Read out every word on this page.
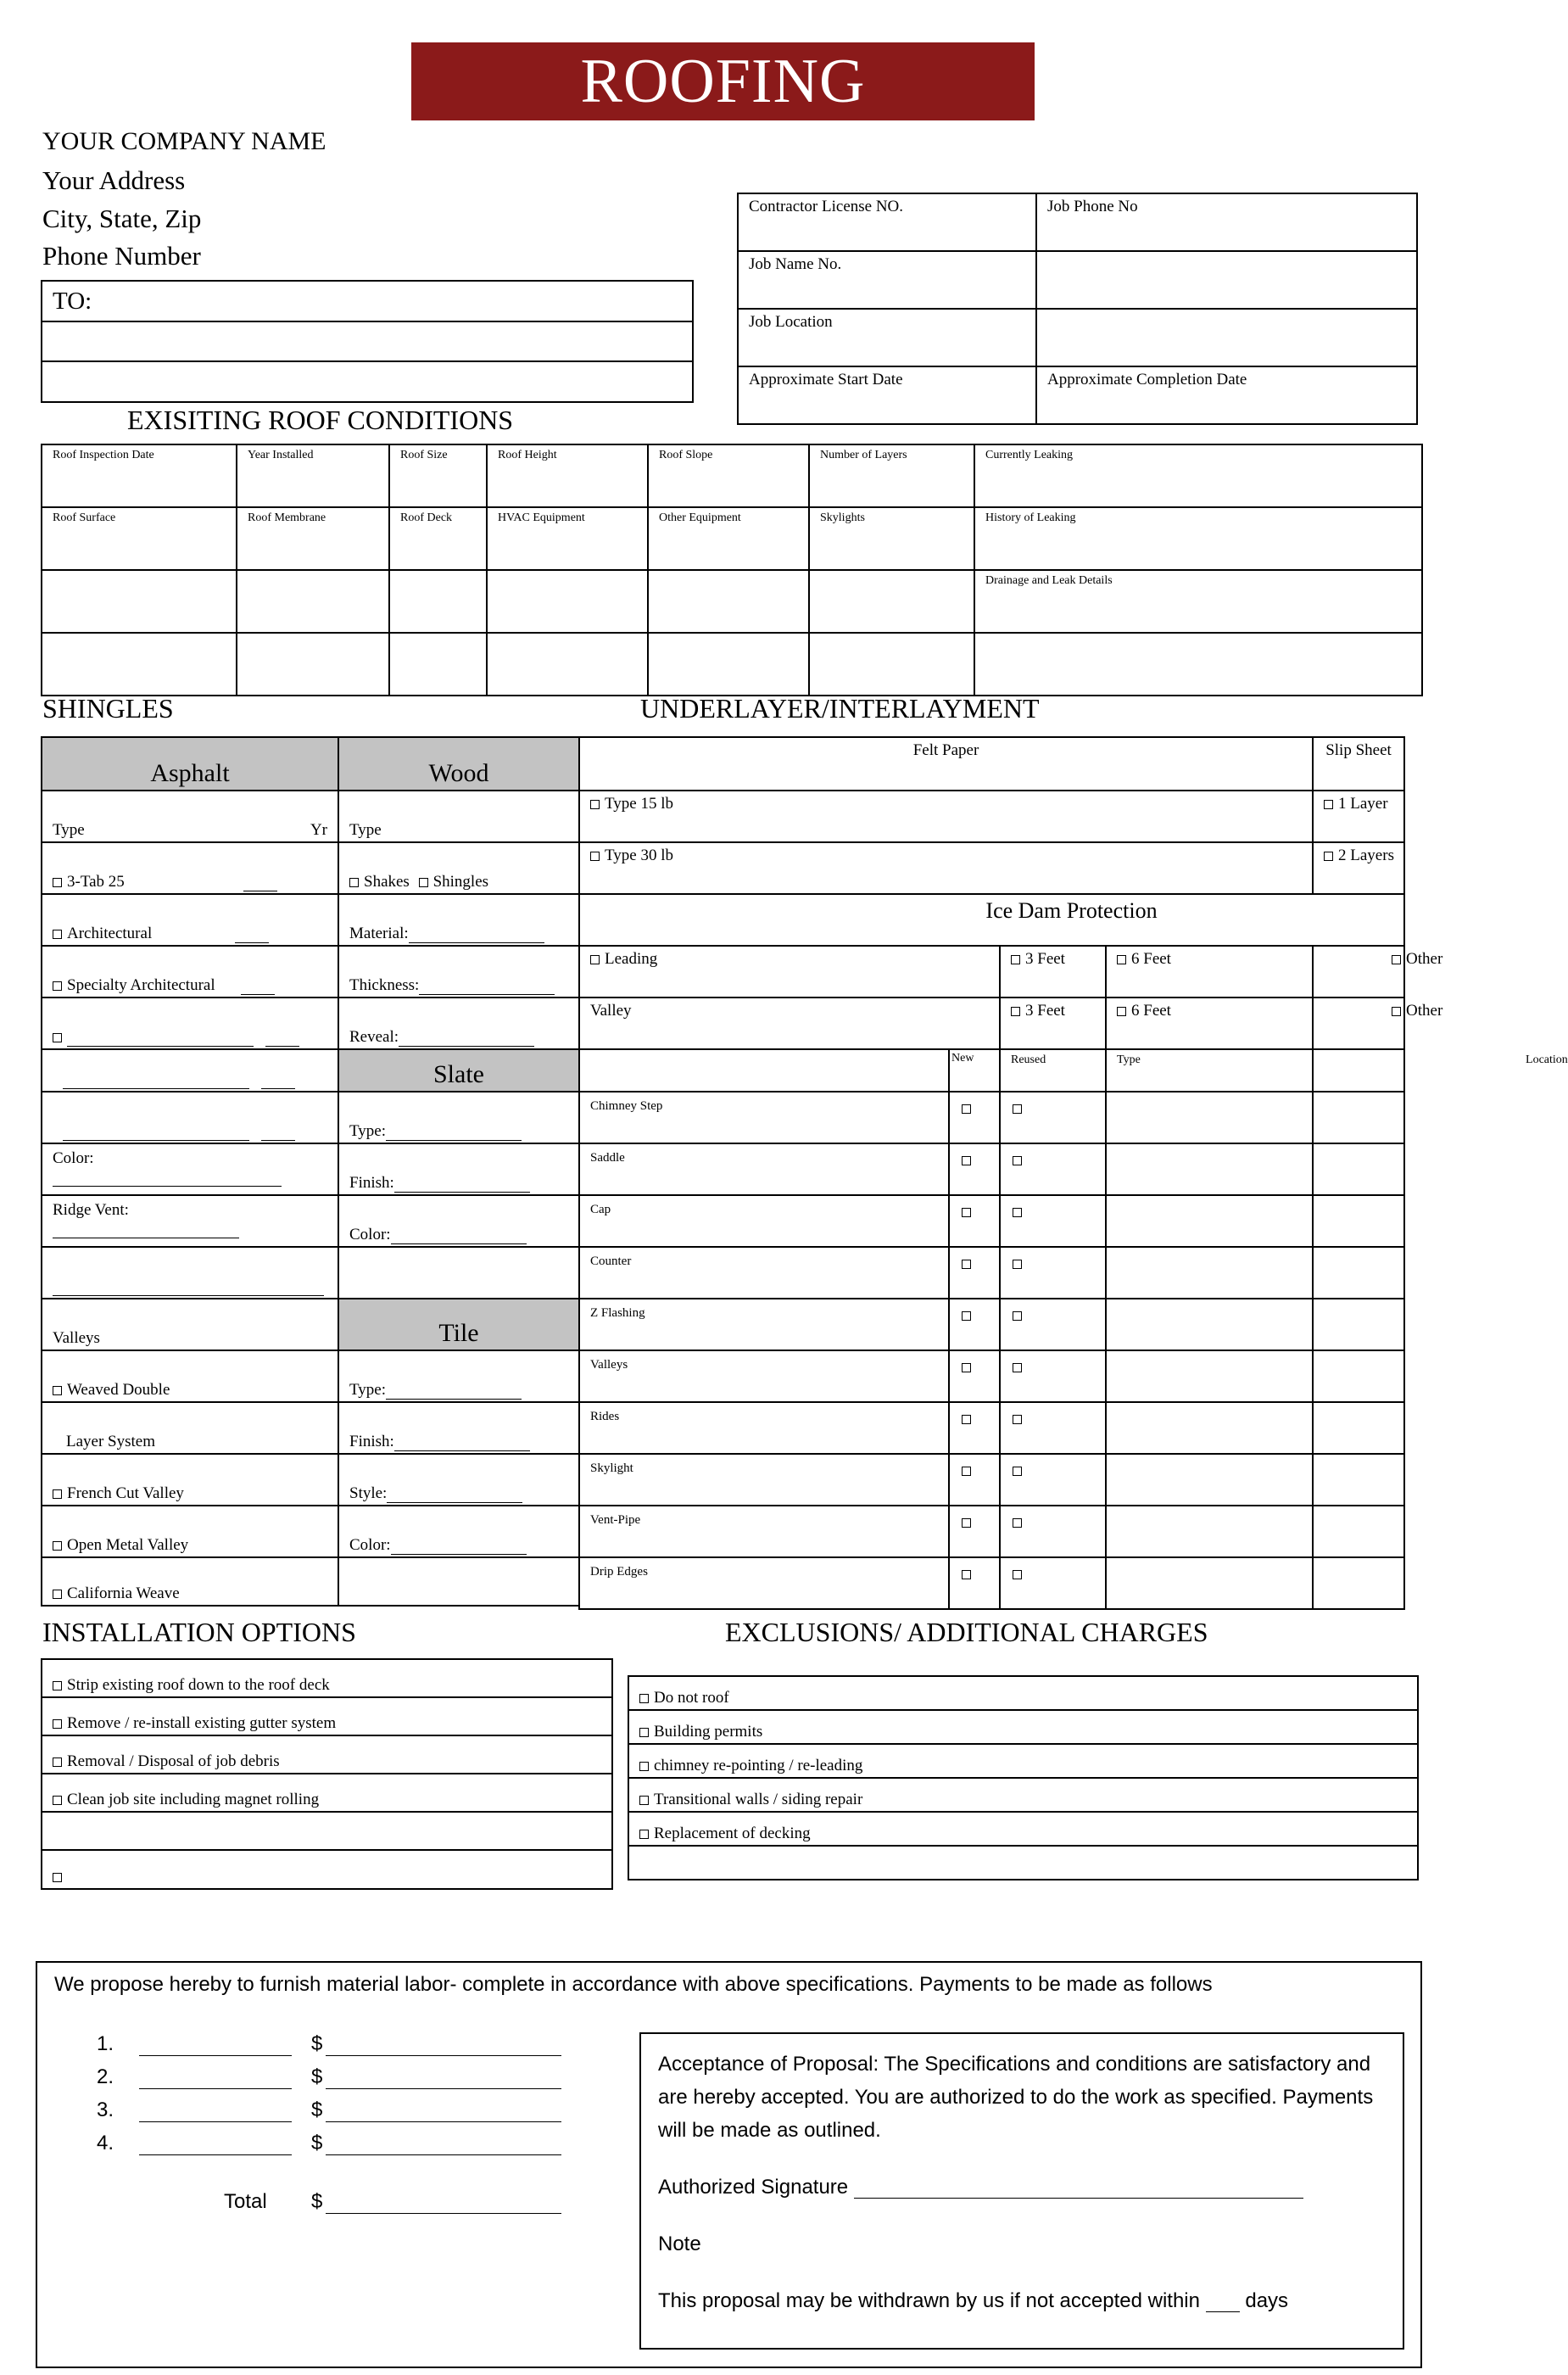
ROOFING PROPOSAL
YOUR COMPANY NAME
Your Address
City, State, Zip
Phone Number
TO:

Contractor License NO.	Job Phone No
Job Name No.	
Job Location	
Approximate Start Date	Approximate Completion Date
EXISITING ROOF CONDITIONS
Roof Inspection Date	Year Installed	Roof Size	Roof Height	Roof Slope	Number of Layers	Currently Leaking
Roof Surface	Roof Membrane	Roof Deck	HVAC Equipment	Other Equipment	Skylights	History of Leaking
						Drainage and Leak Details

SHINGLES	UNDERLAYER/INTERLAYMENT
Asphalt	Wood
Type Yr	Type
3-Tab 25	Shakes Shingles
Architectural	Material:
Specialty Architectural	Thickness:
	Reveal:
	Slate
	Type:

Color:	Finish:

Ridge Vent:	Color:

Valleys	Tile
Weaved Double	Type:
Layer System	Finish:
French Cut Valley	Style:
Open Metal Valley	Color:
California Weave	
Felt Paper				Slip Sheet
Type 15 lb				1 Layer
Type 30 lb				2 Layers
Ice Dam Protection				
Leading		3 Feet	6 Feet	Other
Valley		3 Feet	6 Feet	Other
	New	Reused	Type	Location
Chimney Step				
Saddle				
Cap				
Counter				
Z Flashing				
Valleys				
Rides				
Skylight				
Vent-Pipe				
Drip Edges				
INSTALLATION OPTIONS	EXCLUSIONS/ ADDITIONAL CHARGES
Strip existing roof down to the roof deck
Remove / re-install existing gutter system
Removal / Disposal of job debris
Clean job site including magnet rolling

Do not roof
Building permits
chimney re-pointing / re-leading
Transitional walls / siding repair
Replacement of decking

We propose hereby to furnish material labor- complete in accordance with above specifications. Payments to be made as follows
1.	$
2.	$
3.	$
4.	$
Total $
Acceptance of Proposal: The Specifications and conditions are satisfactory and are hereby accepted. You are authorized to do the work as specified. Payments will be made as outlined.
Authorized Signature
Note
This proposal may be withdrawn by us if not accepted within days
